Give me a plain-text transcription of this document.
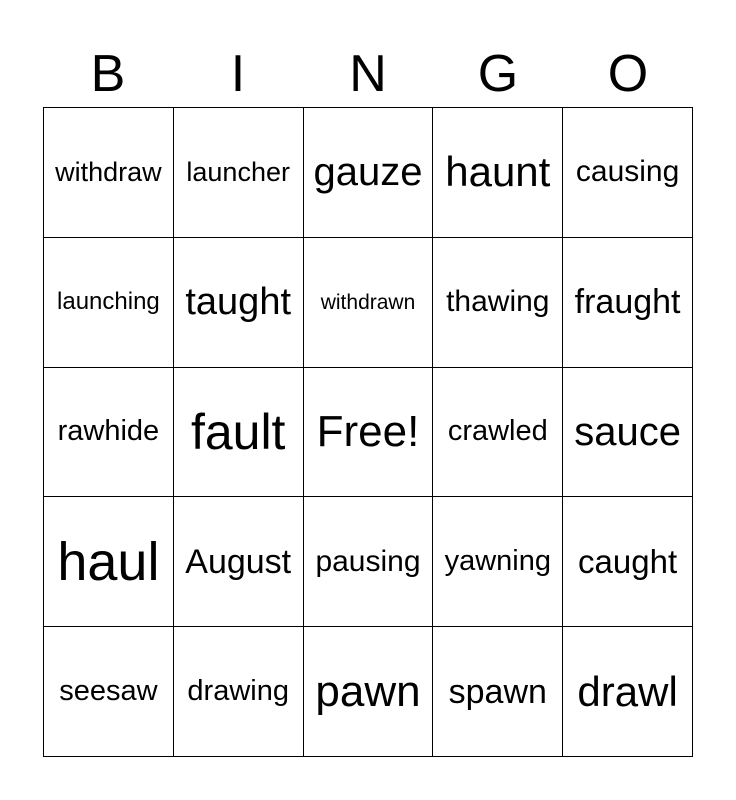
B	I	N	G	O
withdraw launcher gauze haunt causing
launching taught withdrawn thawing fraught
rawhide fault Free! crawled sauce
haul August pausing yawning caught
seesaw drawing pawn spawn drawl
